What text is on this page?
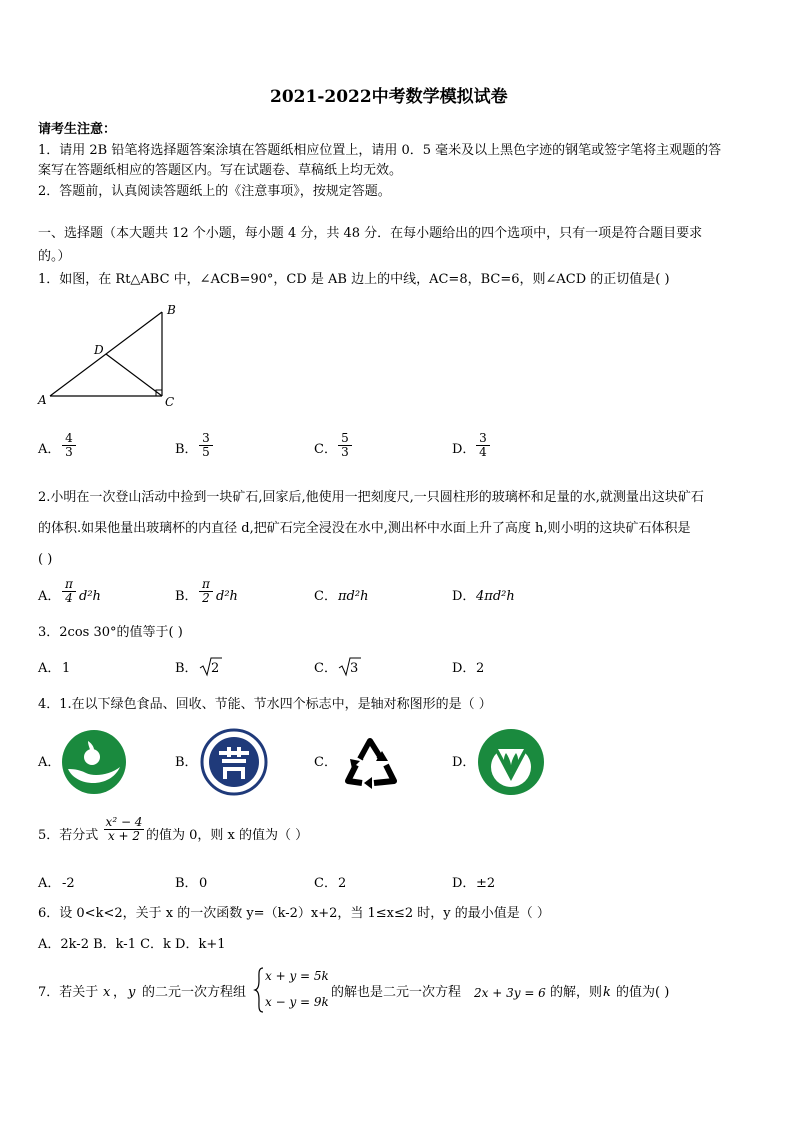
2021-2022中考数学模拟试卷
请考生注意：
1．请用 2B 铅笔将选择题答案涂填在答题纸相应位置上，请用 0．5 毫米及以上黑色字迹的钢笔或签字笔将主观题的答
案写在答题纸相应的答题区内。写在试题卷、草稿纸上均无效。
2．答题前，认真阅读答题纸上的《注意事项》，按规定答题。
一、选择题（本大题共 12 个小题，每小题 4 分，共 48 分．在每小题给出的四个选项中，只有一项是符合题目要求
的。）
1．如图，在 Rt△ABC 中，∠ACB=90°，CD 是 AB 边上的中线，AC=8，BC=6，则∠ACD 的正切值是( )
A
B
C
D
A． $\frac{4}{3}$	B． $\frac{3}{5}$	C． $\frac{5}{3}$	D． $\frac{3}{4}$
2.小明在一次登山活动中捡到一块矿石,回家后,他使用一把刻度尺,一只圆柱形的玻璃杯和足量的水,就测量出这块矿石
的体积.如果他量出玻璃杯的内直径 d,把矿石完全浸没在水中,测出杯中水面上升了高度 h,则小明的这块矿石体积是
( )
A． $\frac{\pi}{4} d^2h$	B． $\frac{\pi}{2} d^2h$	C． πd²h	D． 4πd²h
3．2cos 30°的值等于( )
A． 1	B． 2	C． 3	D． 2
4．1.在以下绿色食品、回收、节能、节水四个标志中，是轴对称图形的是（ ）
A．	B．	C．	D．
5．若分式 $\frac{\text{x² − 4}}{x + 2}$ 的值为 0，则 x 的值为（ ）
A． -2	B． 0	C． 2	D． ±2
6．设 0<k<2，关于 x 的一次函数 y=（k-2）x+2，当 1≤x≤2 时，y 的最小值是（ ）
A．2k-2 B．k-1 C．k D．k+1
7．若关于 x ， y 的二元一次方程组
x + y = 5k
x − y = 9k
的解也是二元一次方程 2x + 3y = 6 的解，则 k 的值为( )
